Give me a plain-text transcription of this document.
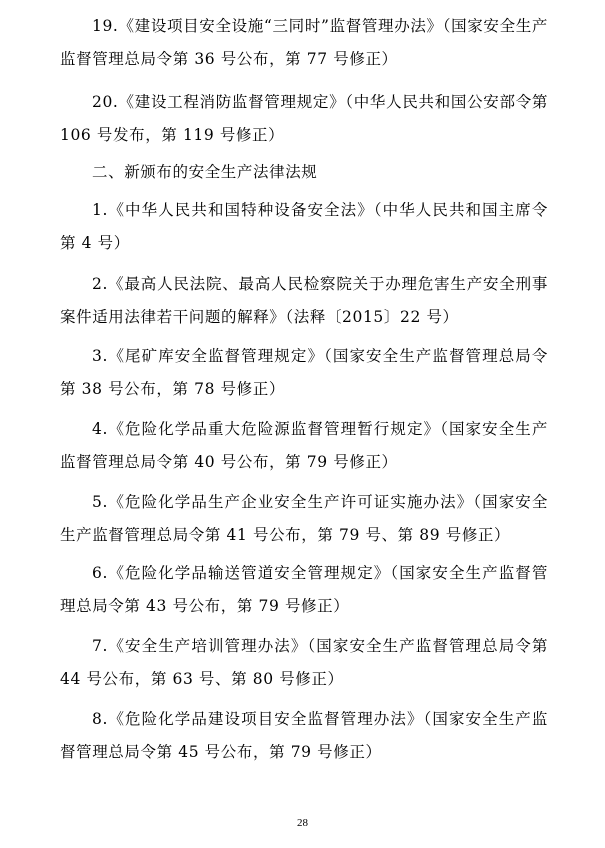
19.《建设项目安全设施“三同时”监督管理办法》（国家安全生产监督管理总局令第 36 号公布，第 77 号修正）

20.《建设工程消防监督管理规定》（中华人民共和国公安部令第 106 号发布，第 119 号修正）

二、新颁布的安全生产法律法规

1.《中华人民共和国特种设备安全法》（中华人民共和国主席令第 4 号）

2.《最高人民法院、最高人民检察院关于办理危害生产安全刑事案件适用法律若干问题的解释》（法释〔2015〕22 号）

3.《尾矿库安全监督管理规定》（国家安全生产监督管理总局令第 38 号公布，第 78 号修正）

4.《危险化学品重大危险源监督管理暂行规定》（国家安全生产监督管理总局令第 40 号公布，第 79 号修正）

5.《危险化学品生产企业安全生产许可证实施办法》（国家安全生产监督管理总局令第 41 号公布，第 79 号、第 89 号修正）

6.《危险化学品输送管道安全管理规定》（国家安全生产监督管理总局令第 43 号公布，第 79 号修正）

7.《安全生产培训管理办法》（国家安全生产监督管理总局令第 44 号公布，第 63 号、第 80 号修正）

8.《危险化学品建设项目安全监督管理办法》（国家安全生产监督管理总局令第 45 号公布，第 79 号修正）

28
